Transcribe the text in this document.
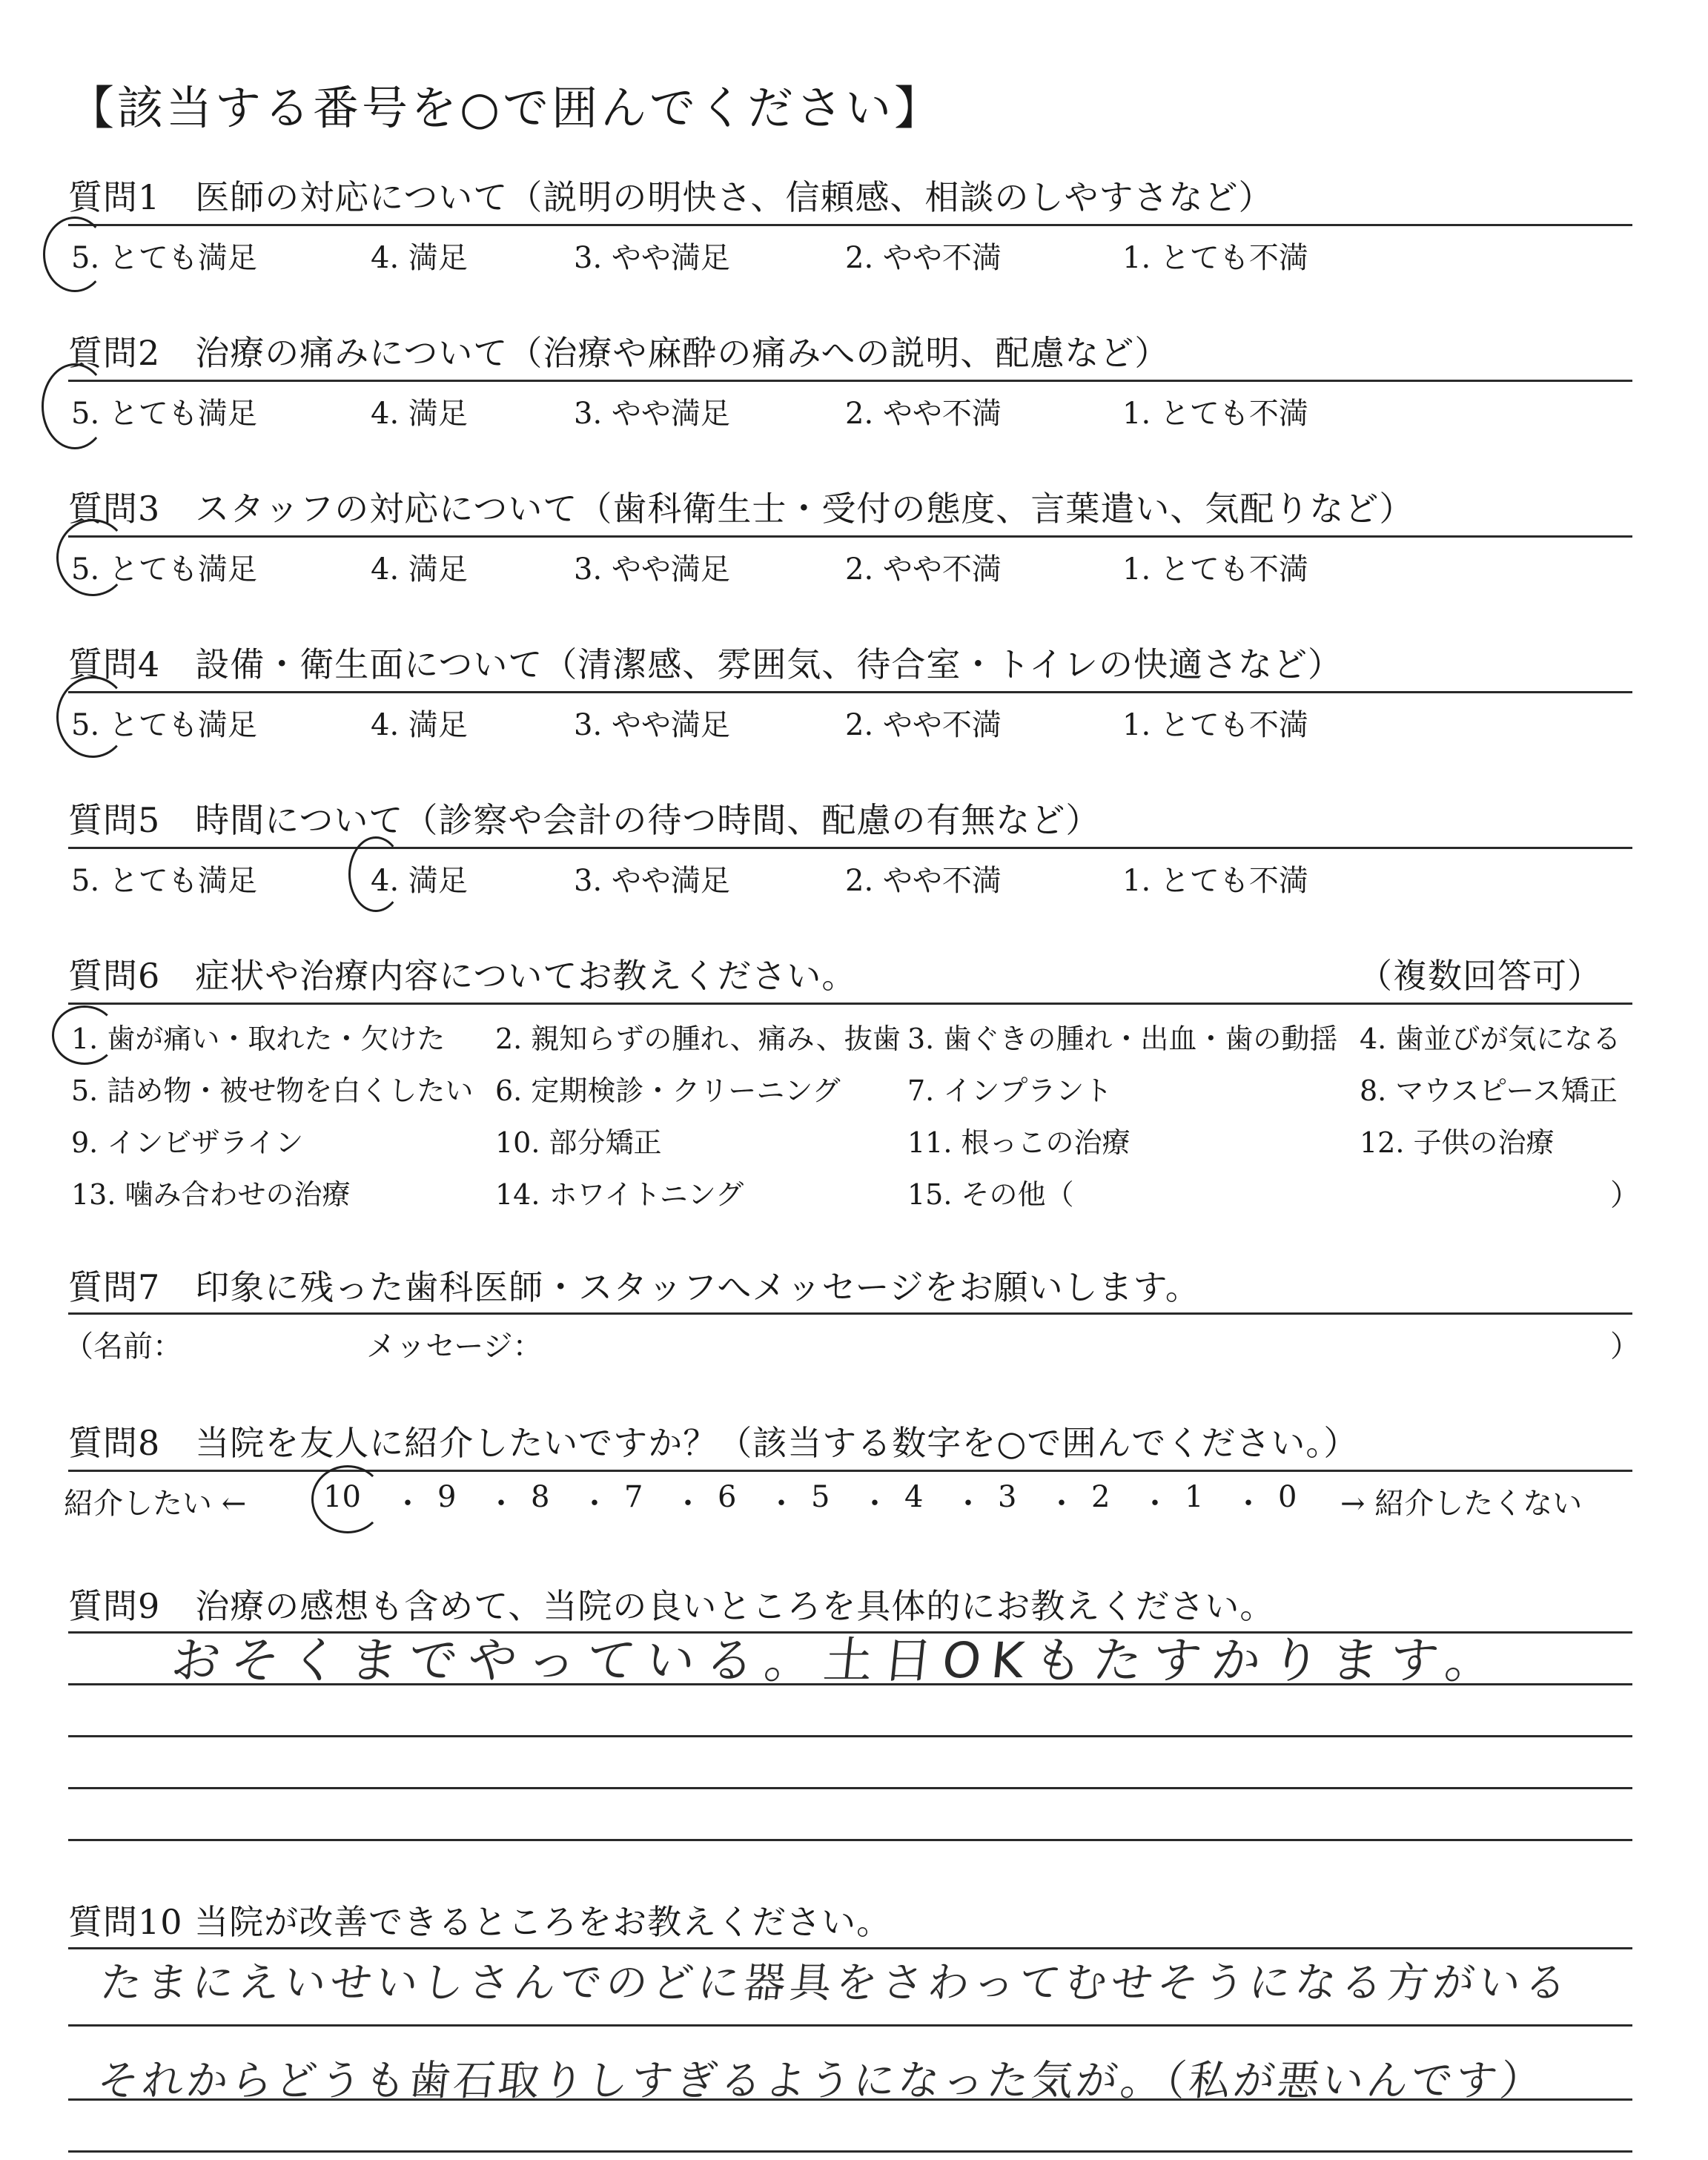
【該当する番号を○で囲んでください】
質問1　医師の対応について（説明の明快さ、信頼感、相談のしやすさなど）
5. とても満足	4. 満足	3. やや満足	2. やや不満	1. とても不満
質問2　治療の痛みについて（治療や麻酔の痛みへの説明、配慮など）
5. とても満足	4. 満足	3. やや満足	2. やや不満	1. とても不満
質問3　スタッフの対応について（歯科衛生士・受付の態度、言葉遣い、気配りなど）
5. とても満足	4. 満足	3. やや満足	2. やや不満	1. とても不満
質問4　設備・衛生面について（清潔感、雰囲気、待合室・トイレの快適さなど）
5. とても満足	4. 満足	3. やや満足	2. やや不満	1. とても不満
質問5　時間について（診察や会計の待つ時間、配慮の有無など）
5. とても満足	4. 満足	3. やや満足	2. やや不満	1. とても不満
質問6　症状や治療内容についてお教えください。	（複数回答可）
1. 歯が痛い・取れた・欠けた 2. 親知らずの腫れ、痛み、抜歯 3. 歯ぐきの腫れ・出血・歯の動揺 4. 歯並びが気になる
5. 詰め物・被せ物を白くしたい 6. 定期検診・クリーニング 7. インプラント	8. マウスピース矯正
9. インビザライン	10. 部分矯正	11. 根っこの治療	12. 子供の治療
13. 噛み合わせの治療	14. ホワイトニング	15. その他（	）
質問7　印象に残った歯科医師・スタッフへメッセージをお願いします。
（名前：	メッセージ：	）
質問8　当院を友人に紹介したいですか？（該当する数字を○で囲んでください。）
紹介したい ←	10 ・ 9 ・ 8 ・ 7 ・ 6 ・ 5 ・ 4 ・ 3 ・ 2 ・ 1 ・ 0 → 紹介したくない
質問9　治療の感想も含めて、当院の良いところを具体的にお教えください。
おそくまでやっている。土日OKもたすかります。
質問10 当院が改善できるところをお教えください。
たまにえいせいしさんでのどに器具をさわってむせそうになる方がいる
それからどうも歯石取りしすぎるようになった気が。（私が悪いんです）
